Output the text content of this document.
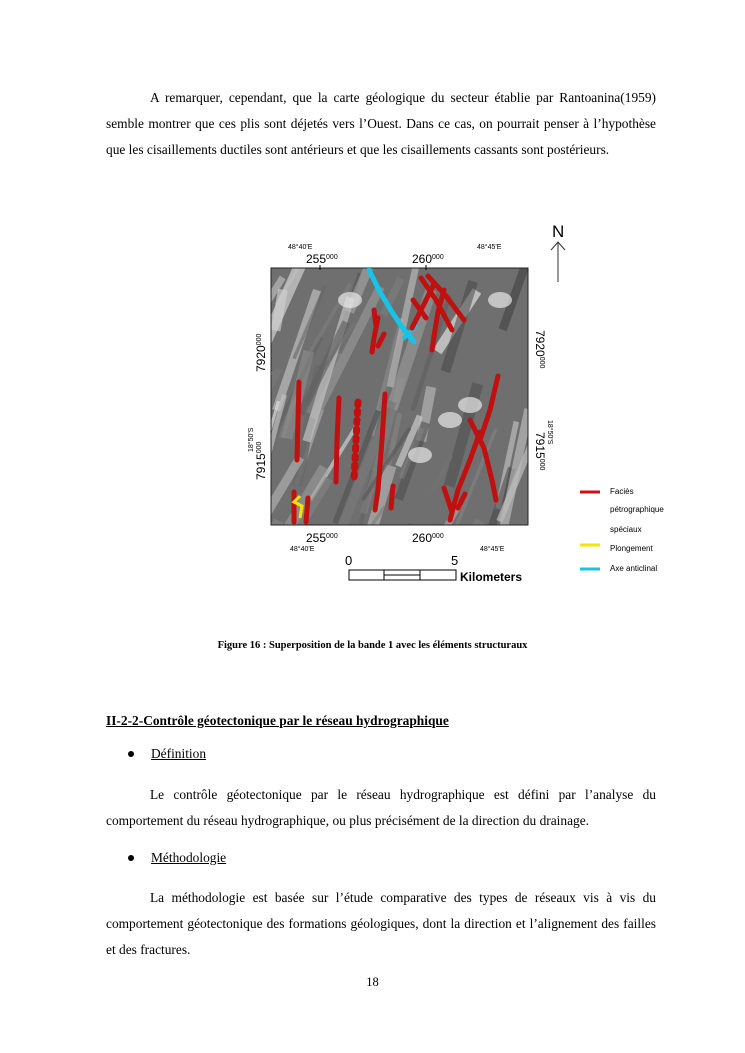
A remarquer, cependant, que la carte géologique du secteur établie par Rantoanina(1959) semble montrer que ces plis sont déjetés vers l’Ouest. Dans ce cas, on pourrait penser à l’hypothèse que les cisaillements ductiles sont antérieurs et que les cisaillements cassants sont postérieurs.

N
48°40'E	48°45'E
$255^{000}$	$260^{000}$
$255^{000}$	$260^{000}$
48°40'E	48°45'E
7920$^{000}$
18°50'S
7915$^{000}$
7920$^{000}$
18°50'S
7915$^{000}$
0	5
Kilometers
Faciès
pétrographique
spéciaux
Plongement
Axe anticlinal
Figure 16 : Superposition de la bande 1 avec les éléments structuraux
II-2-2-Contrôle géotectonique par le réseau hydrographique
Définition

Le contrôle géotectonique par le réseau hydrographique est défini par l’analyse du comportement du réseau hydrographique, ou plus précisément de la direction du drainage.

Méthodologie

La méthodologie est basée sur l’étude comparative des types de réseaux vis à vis du comportement géotectonique des formations géologiques, dont la direction et l’alignement des failles et des fractures.

18
